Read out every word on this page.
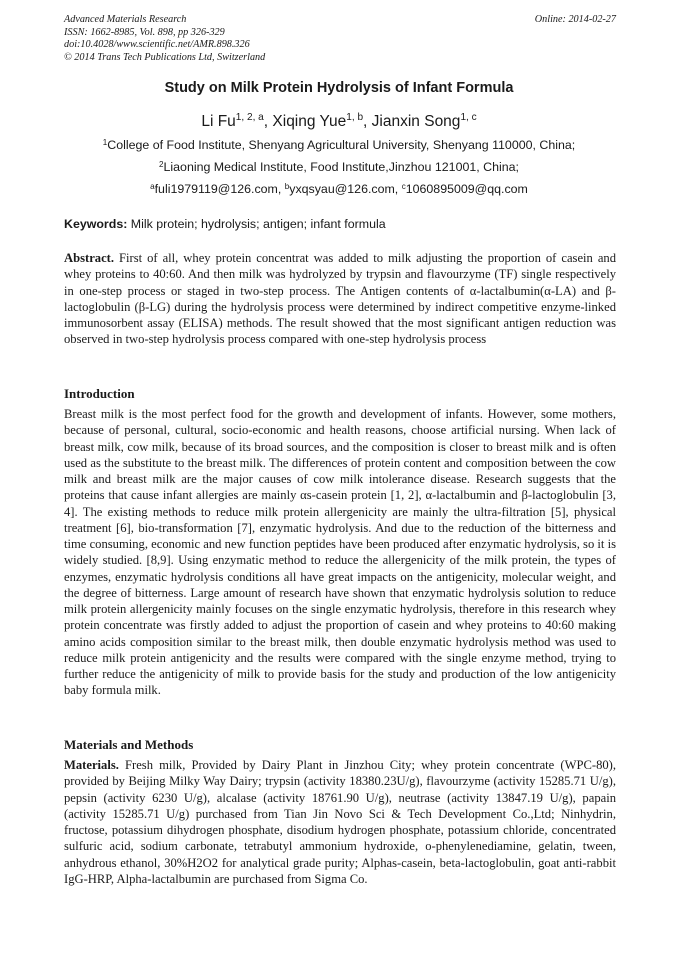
Advanced Materials Research
ISSN: 1662-8985, Vol. 898, pp 326-329
doi:10.4028/www.scientific.net/AMR.898.326
© 2014 Trans Tech Publications Ltd, Switzerland
Online: 2014-02-27
Study on Milk Protein Hydrolysis of Infant Formula
Li Fu$^{1, 2, a}$, Xiqing Yue$^{1, b}$, Jianxin Song$^{1, c}$
$^1$College of Food Institute, Shenyang Agricultural University, Shenyang 110000, China;
$^2$Liaoning Medical Institute, Food Institute,Jinzhou 121001, China;
$^a$fuli1979119@126.com, $^b$yxqsyau@126.com, $^c$1060895009@qq.com
Keywords: Milk protein; hydrolysis; antigen; infant formula
Abstract. First of all, whey protein concentrat was added to milk adjusting the proportion of casein and whey proteins to 40:60. And then milk was hydrolyzed by trypsin and flavourzyme (TF) single respectively in one-step process or staged in two-step process. The Antigen contents of α-lactalbumin(α-LA) and β-lactoglobulin (β-LG) during the hydrolysis process were determined by indirect competitive enzyme-linked immunosorbent assay (ELISA) methods. The result showed that the most significant antigen reduction was observed in two-step hydrolysis process compared with one-step hydrolysis process
Introduction
Breast milk is the most perfect food for the growth and development of infants. However, some mothers, because of personal, cultural, socio-economic and health reasons, choose artificial nursing. When lack of breast milk, cow milk, because of its broad sources, and the composition is closer to breast milk and is often used as the substitute to the breast milk. The differences of protein content and composition between the cow milk and breast milk are the major causes of cow milk intolerance disease. Research suggests that the proteins that cause infant allergies are mainly αs-casein protein [1, 2], α-lactalbumin and β-lactoglobulin [3, 4]. The existing methods to reduce milk protein allergenicity are mainly the ultra-filtration [5], physical treatment [6], bio-transformation [7], enzymatic hydrolysis. And due to the reduction of the bitterness and time consuming, economic and new function peptides have been produced after enzymatic hydrolysis, so it is widely studied. [8,9]. Using enzymatic method to reduce the allergenicity of the milk protein, the types of enzymes, enzymatic hydrolysis conditions all have great impacts on the antigenicity, molecular weight, and the degree of bitterness. Large amount of research have shown that enzymatic hydrolysis solution to reduce milk protein allergenicity mainly focuses on the single enzymatic hydrolysis, therefore in this research whey protein concentrate was firstly added to adjust the proportion of casein and whey proteins to 40:60 making amino acids composition similar to the breast milk, then double enzymatic hydrolysis method was used to reduce milk protein antigenicity and the results were compared with the single enzyme method, trying to further reduce the antigenicity of milk to provide basis for the study and production of the low antigenicity baby formula milk.
Materials and Methods
Materials. Fresh milk, Provided by Dairy Plant in Jinzhou City; whey protein concentrate (WPC-80), provided by Beijing Milky Way Dairy; trypsin (activity 18380.23U/g), flavourzyme (activity 15285.71 U/g), pepsin (activity 6230 U/g), alcalase (activity 18761.90 U/g), neutrase (activity 13847.19 U/g), papain (activity 15285.71 U/g) purchased from Tian Jin Novo Sci & Tech Development Co.,Ltd; Ninhydrin, fructose, potassium dihydrogen phosphate, disodium hydrogen phosphate, potassium chloride, concentrated sulfuric acid, sodium carbonate, tetrabutyl ammonium hydroxide, o-phenylenediamine, gelatin, tween, anhydrous ethanol, 30%H2O2 for analytical grade purity; Alphas-casein, beta-lactoglobulin, goat anti-rabbit IgG-HRP, Alpha-lactalbumin are purchased from Sigma Co.
